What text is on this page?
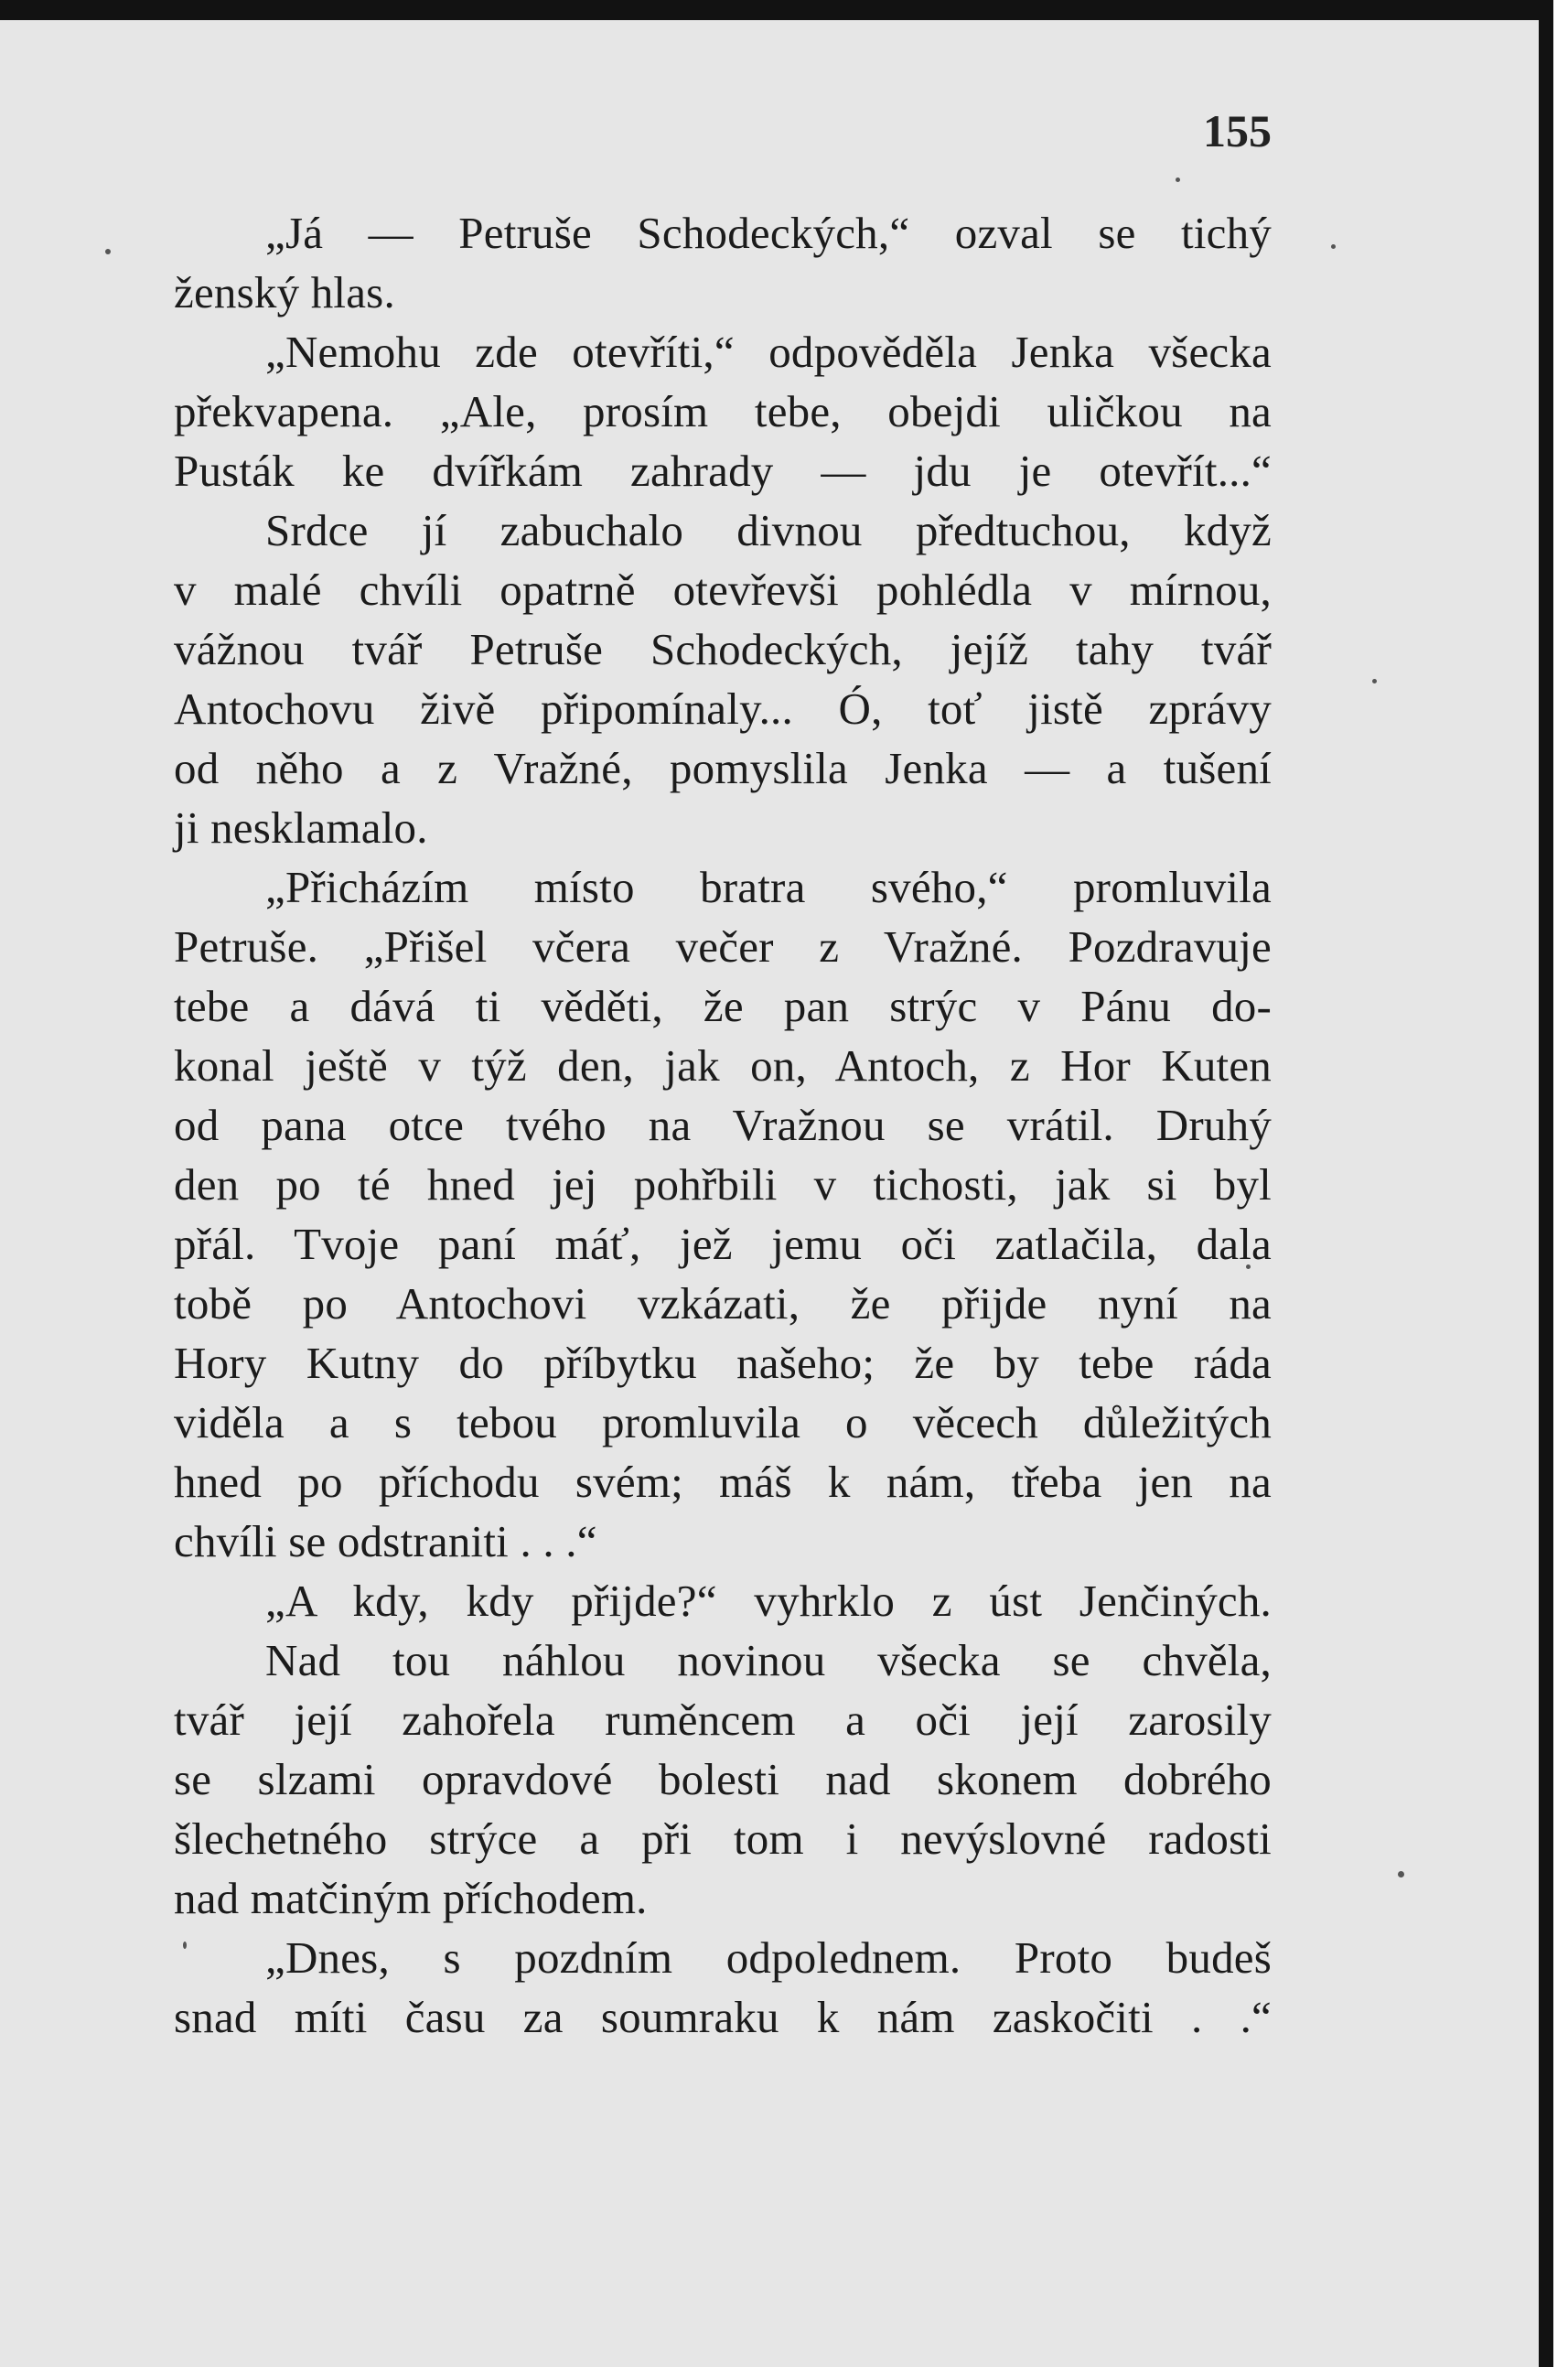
155
„Já — Petruše Schodeckých,“ ozval se tichý
ženský hlas.
„Nemohu zde otevříti,“ odpověděla Jenka všecka
překvapena. „Ale, prosím tebe, obejdi uličkou na
Pusták ke dvířkám zahrady — jdu je otevřít...“
Srdce jí zabuchalo divnou předtuchou, když
v malé chvíli opatrně otevřevši pohlédla v mírnou,
vážnou tvář Petruše Schodeckých, jejíž tahy tvář
Antochovu živě připomínaly... Ó, toť jistě zprávy
od něho a z Vražné, pomyslila Jenka — a tušení
ji nesklamalo.
„Přicházím místo bratra svého,“ promluvila
Petruše. „Přišel včera večer z Vražné. Pozdravuje
tebe a dává ti věděti, že pan strýc v Pánu do-
konal ještě v týž den, jak on, Antoch, z Hor Kuten
od pana otce tvého na Vražnou se vrátil. Druhý
den po té hned jej pohřbili v tichosti, jak si byl
přál. Tvoje paní máť, jež jemu oči zatlačila, dala
tobě po Antochovi vzkázati, že přijde nyní na
Hory Kutny do příbytku našeho; že by tebe ráda
viděla a s tebou promluvila o věcech důležitých
hned po příchodu svém; máš k nám, třeba jen na
chvíli se odstraniti . . .“
„A kdy, kdy přijde?“ vyhrklo z úst Jenčiných.
Nad tou náhlou novinou všecka se chvěla,
tvář její zahořela ruměncem a oči její zarosily
se slzami opravdové bolesti nad skonem dobrého
šlechetného strýce a při tom i nevýslovné radosti
nad matčiným příchodem.
„Dnes, s pozdním odpolednem. Proto budeš
snad míti času za soumraku k nám zaskočiti . .“
